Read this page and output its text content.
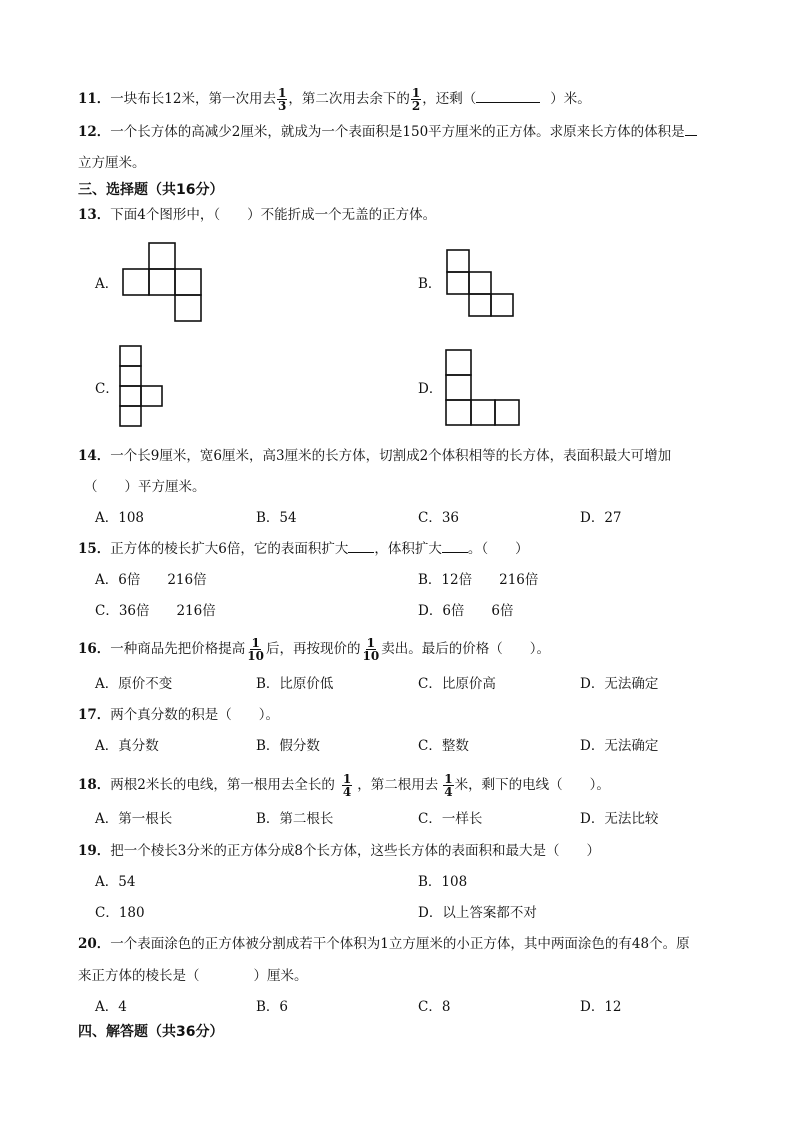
11．一块布长12米，第一次用去 $\frac{1}{3}$ ，第二次用去余下的 $\frac{1}{2}$ ，还剩（	）米。
12．一个长方体的高减少2厘米，就成为一个表面积是150平方厘米的正方体。求原来长方体的体积是
立方厘米。
三、选择题（共16分）
13．下面4个图形中，（　　）不能折成一个无盖的正方体。
A．	B．
C．	D．
14．一个长9厘米，宽6厘米，高3厘米的长方体，切割成2个体积相等的长方体，表面积最大可增加
（　　）平方厘米。
A．108	B．54	C．36	D．27
15．正方体的棱长扩大6倍，它的表面积扩大 ，体积扩大 。（　　）
A．6倍　　216倍	B．12倍　　216倍
C．36倍　　216倍	D．6倍　　6倍
16．一种商品先把价格提高 $\frac{1}{10}$ 后，再按现价的 $\frac{1}{10}$ 卖出。最后的价格（　　）。
A．原价不变	B．比原价低	C．比原价高	D．无法确定
17．两个真分数的积是（　　）。
A．真分数	B．假分数	C．整数	D．无法确定
18．两根2米长的电线，第一根用去全长的 $\frac{1}{4}$ ，第二根用去 $\frac{1}{4}$ 米，剩下的电线（　　）。
A．第一根长	B．第二根长	C．一样长	D．无法比较
19．把一个棱长3分米的正方体分成8个长方体，这些长方体的表面积和最大是（　　）
A．54	B．108
C．180	D．以上答案都不对
20．一个表面涂色的正方体被分割成若干个体积为1立方厘米的小正方体，其中两面涂色的有48个。原
来正方体的棱长是（　　　　）厘米。
A．4	B．6	C．8	D．12
四、解答题（共36分）
